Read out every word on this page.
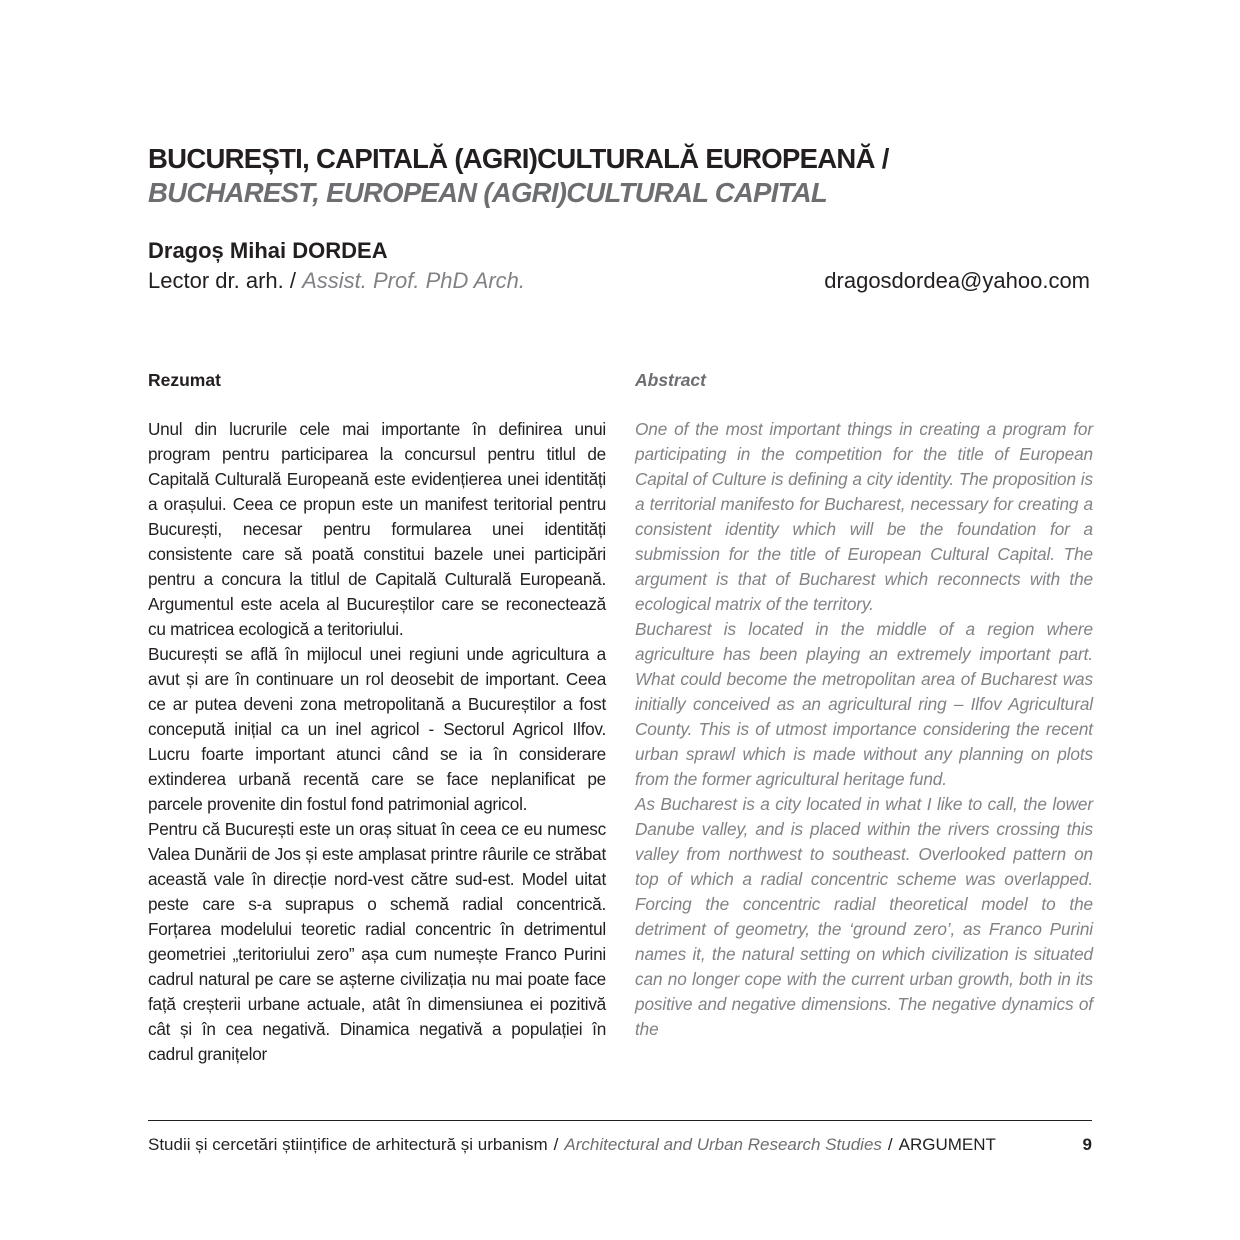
BUCUREȘTI, CAPITALĂ (AGRI)CULTURALĂ EUROPEANĂ /
BUCHAREST, EUROPEAN (AGRI)CULTURAL CAPITAL
Dragoș Mihai DORDEA
Lector dr. arh. / Assist. Prof. PhD Arch.	dragosdordea@yahoo.com
Rezumat

Unul din lucrurile cele mai importante în definirea unui program pentru participarea la concursul pentru titlul de Capitală Culturală Europeană este evidențierea unei identități a orașului. Ceea ce propun este un manifest teritorial pentru București, necesar pentru formularea unei identități consistente care să poată constitui bazele unei participări pentru a concura la titlul de Capitală Culturală Europeană. Argumentul este acela al Bucureștilor care se reconectează cu matricea ecologică a teritoriului.

București se află în mijlocul unei regiuni unde agricultura a avut și are în continuare un rol deosebit de important. Ceea ce ar putea deveni zona metropolitană a Bucureștilor a fost concepută inițial ca un inel agricol - Sectorul Agricol Ilfov. Lucru foarte important atunci când se ia în considerare extinderea urbană recentă care se face neplanificat pe parcele provenite din fostul fond patrimonial agricol.

Pentru că București este un oraș situat în ceea ce eu numesc Valea Dunării de Jos și este amplasat printre râurile ce străbat această vale în direcție nord-vest către sud-est. Model uitat peste care s-a suprapus o schemă radial concentrică. Forțarea modelului teoretic radial concentric în detrimentul geometriei „teritoriului zero” așa cum numește Franco Purini cadrul natural pe care se așterne civilizația nu mai poate face față creșterii urbane actuale, atât în dimensiunea ei pozitivă cât și în cea negativă. Dinamica negativă a populației în cadrul granițelor

Abstract

One of the most important things in creating a program for participating in the competition for the title of European Capital of Culture is defining a city identity. The proposition is a territorial manifesto for Bucharest, necessary for creating a consistent identity which will be the foundation for a submission for the title of European Cultural Capital. The argument is that of Bucharest which reconnects with the ecological matrix of the territory.

Bucharest is located in the middle of a region where agriculture has been playing an extremely important part. What could become the metropolitan area of Bucharest was initially conceived as an agricultural ring – Ilfov Agricultural County. This is of utmost importance considering the recent urban sprawl which is made without any planning on plots from the former agricultural heritage fund.

As Bucharest is a city located in what I like to call, the lower Danube valley, and is placed within the rivers crossing this valley from northwest to southeast. Overlooked pattern on top of which a radial concentric scheme was overlapped. Forcing the concentric radial theoretical model to the detriment of geometry, the ‘ground zero’, as Franco Purini names it, the natural setting on which civilization is situated can no longer cope with the current urban growth, both in its positive and negative dimensions. The negative dynamics of the

Studii și cercetări științifice de arhitectură și urbanism / Architectural and Urban Research Studies / ARGUMENT	9
